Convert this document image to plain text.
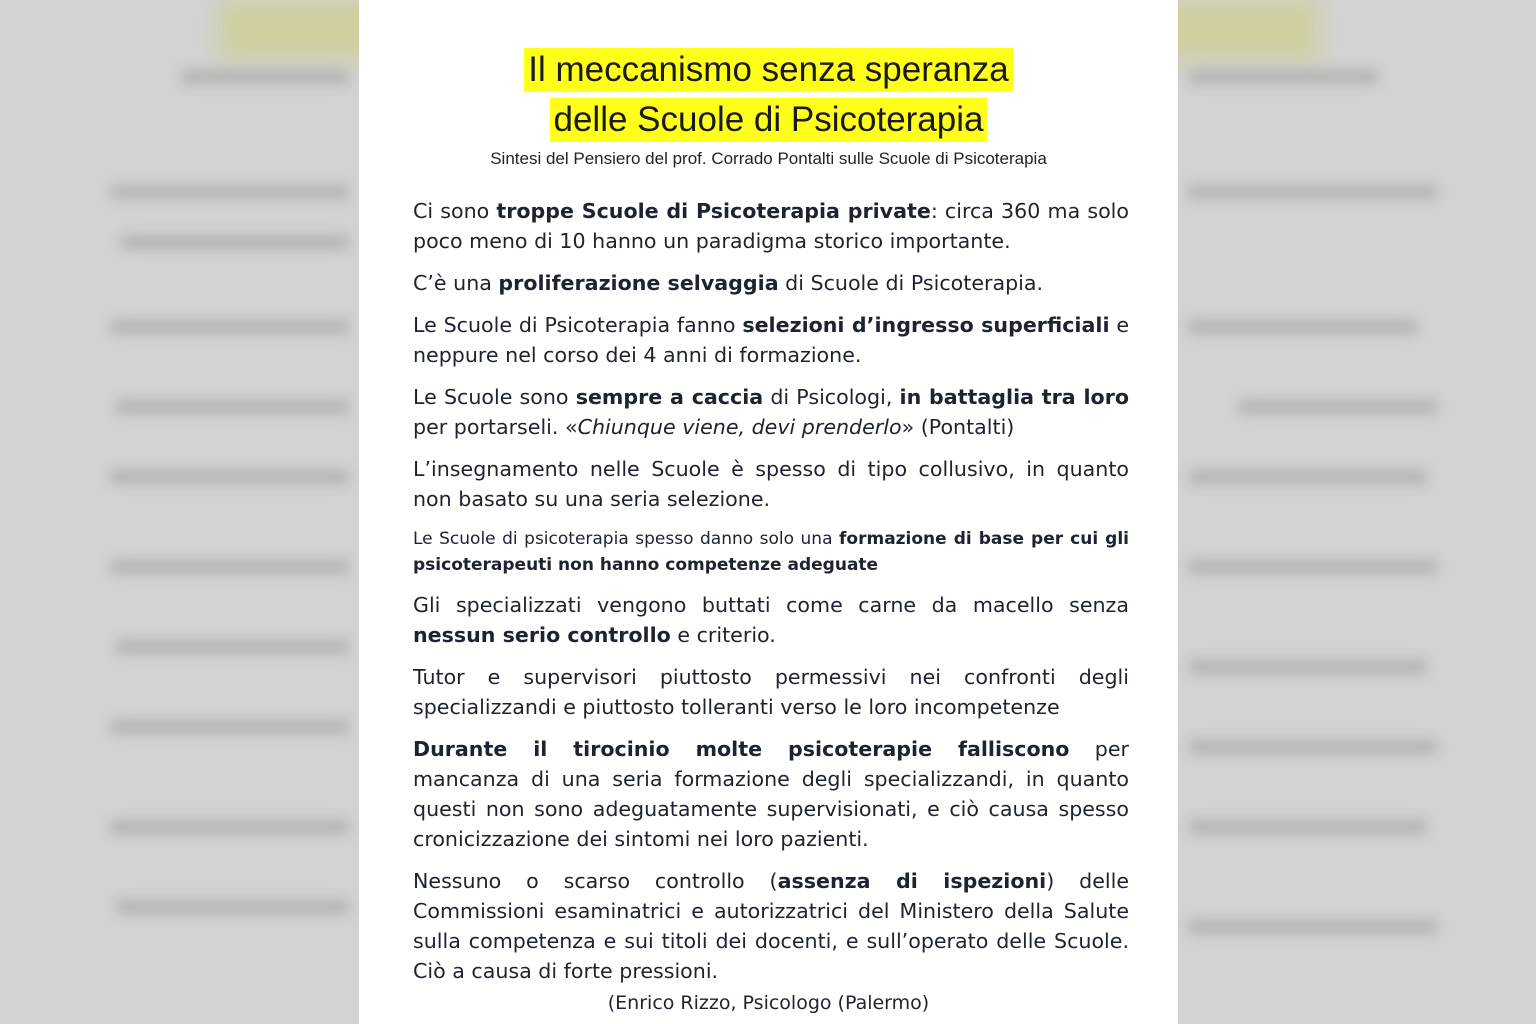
Il meccanismo senza speranza
delle Scuole di Psicoterapia
Sintesi del Pensiero del prof. Corrado Pontalti sulle Scuole di Psicoterapia

Ci sono troppe Scuole di Psicoterapia private: circa 360 ma solo poco meno di 10 hanno un paradigma storico importante.

C’è una proliferazione selvaggia di Scuole di Psicoterapia.

Le Scuole di Psicoterapia fanno selezioni d’ingresso superficiali e neppure nel corso dei 4 anni di formazione.

Le Scuole sono sempre a caccia di Psicologi, in battaglia tra loro per portarseli. «Chiunque viene, devi prenderlo» (Pontalti)

L’insegnamento nelle Scuole è spesso di tipo collusivo, in quanto non basato su una seria selezione.

Le Scuole di psicoterapia spesso danno solo una formazione di base per cui gli psicoterapeuti non hanno competenze adeguate

Gli specializzati vengono buttati come carne da macello senza nessun serio controllo e criterio.

Tutor e supervisori piuttosto permessivi nei confronti degli specializzandi e piuttosto tolleranti verso le loro incompetenze

Durante il tirocinio molte psicoterapie falliscono per mancanza di una seria formazione degli specializzandi, in quanto questi non sono adeguatamente supervisionati, e ciò causa spesso cronicizzazione dei sintomi nei loro pazienti.

Nessuno o scarso controllo (assenza di ispezioni) delle Commissioni esaminatrici e autorizzatrici del Ministero della Salute sulla competenza e sui titoli dei docenti, e sull’operato delle Scuole. Ciò a causa di forte pressioni.

(Enrico Rizzo, Psicologo (Palermo)
